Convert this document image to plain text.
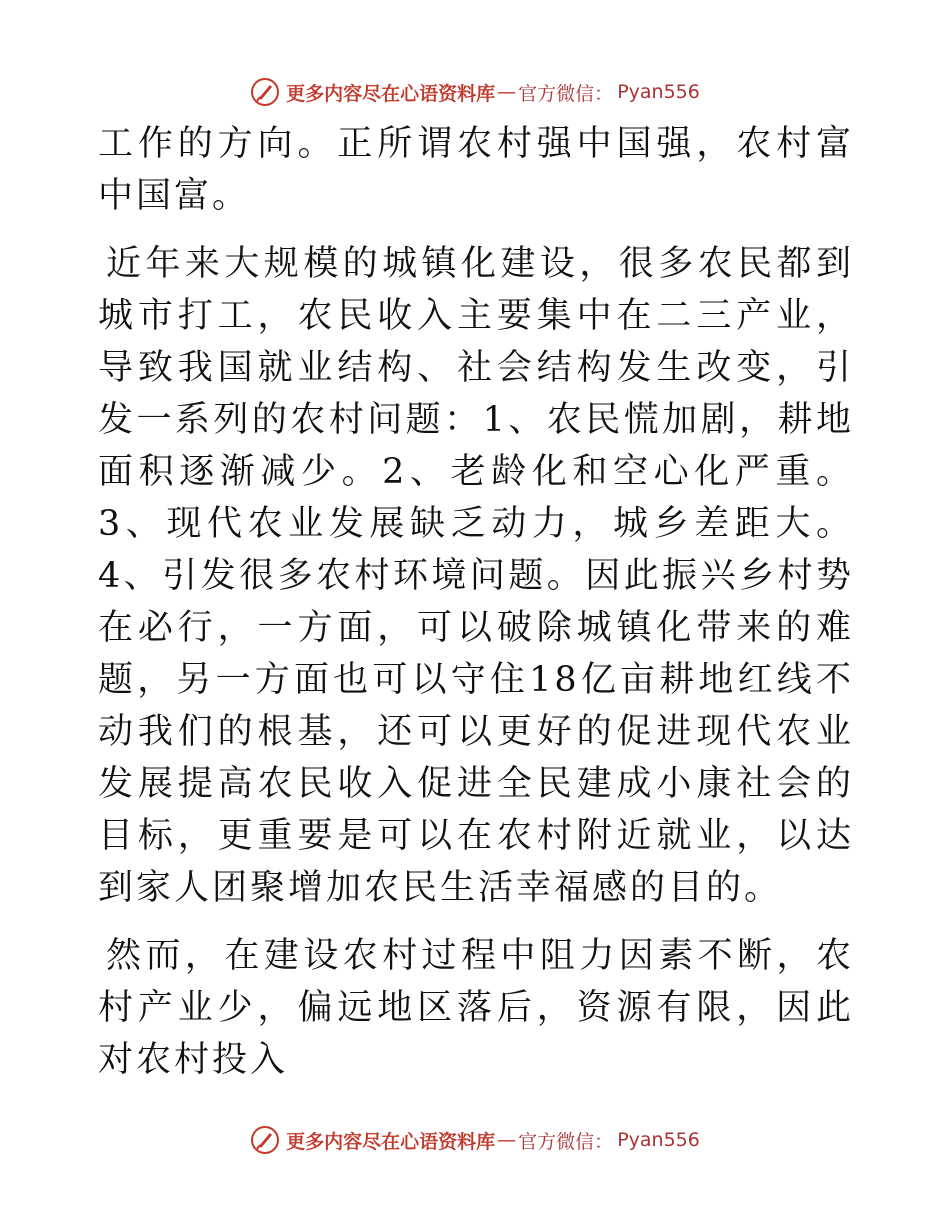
更多内容尽在心语资料库 — 官方微信： Pyan556

工作的方向。正所谓农村强中国强，农村富中国富。

近年来大规模的城镇化建设，很多农民都到城市打工，农民收入主要集中在二三产业，导致我国就业结构、社会结构发生改变，引发一系列的农村问题：1、农民慌加剧，耕地面积逐渐减少。2、老龄化和空心化严重。3、现代农业发展缺乏动力，城乡差距大。4、引发很多农村环境问题。因此振兴乡村势在必行，一方面，可以破除城镇化带来的难题，另一方面也可以守住18亿亩耕地红线不动我们的根基，还可以更好的促进现代农业发展提高农民收入促进全民建成小康社会的目标，更重要是可以在农村附近就业，以达到家人团聚增加农民生活幸福感的目的。

然而，在建设农村过程中阻力因素不断，农村产业少，偏远地区落后，资源有限，因此对农村投入

更多内容尽在心语资料库 — 官方微信： Pyan556
